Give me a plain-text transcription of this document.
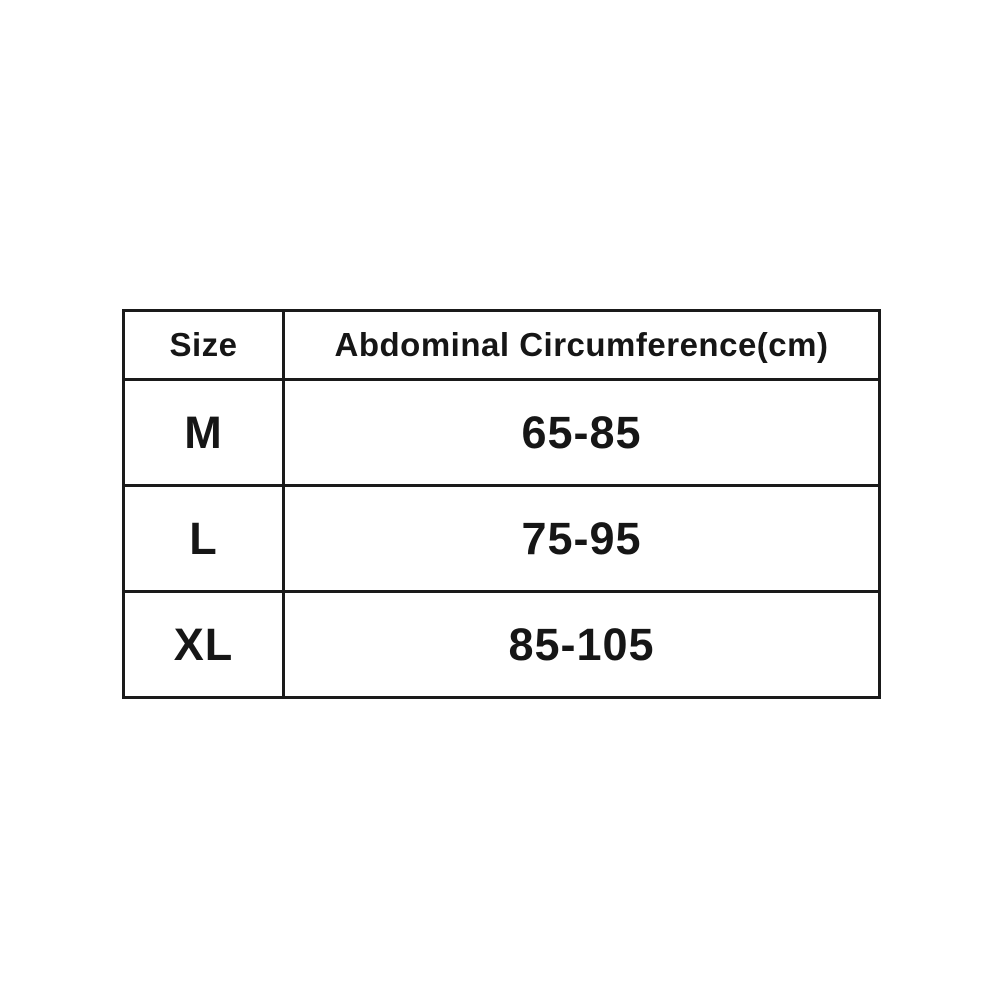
Size	Abdominal Circumference(cm)
M	65-85
L	75-95
XL	85-105
